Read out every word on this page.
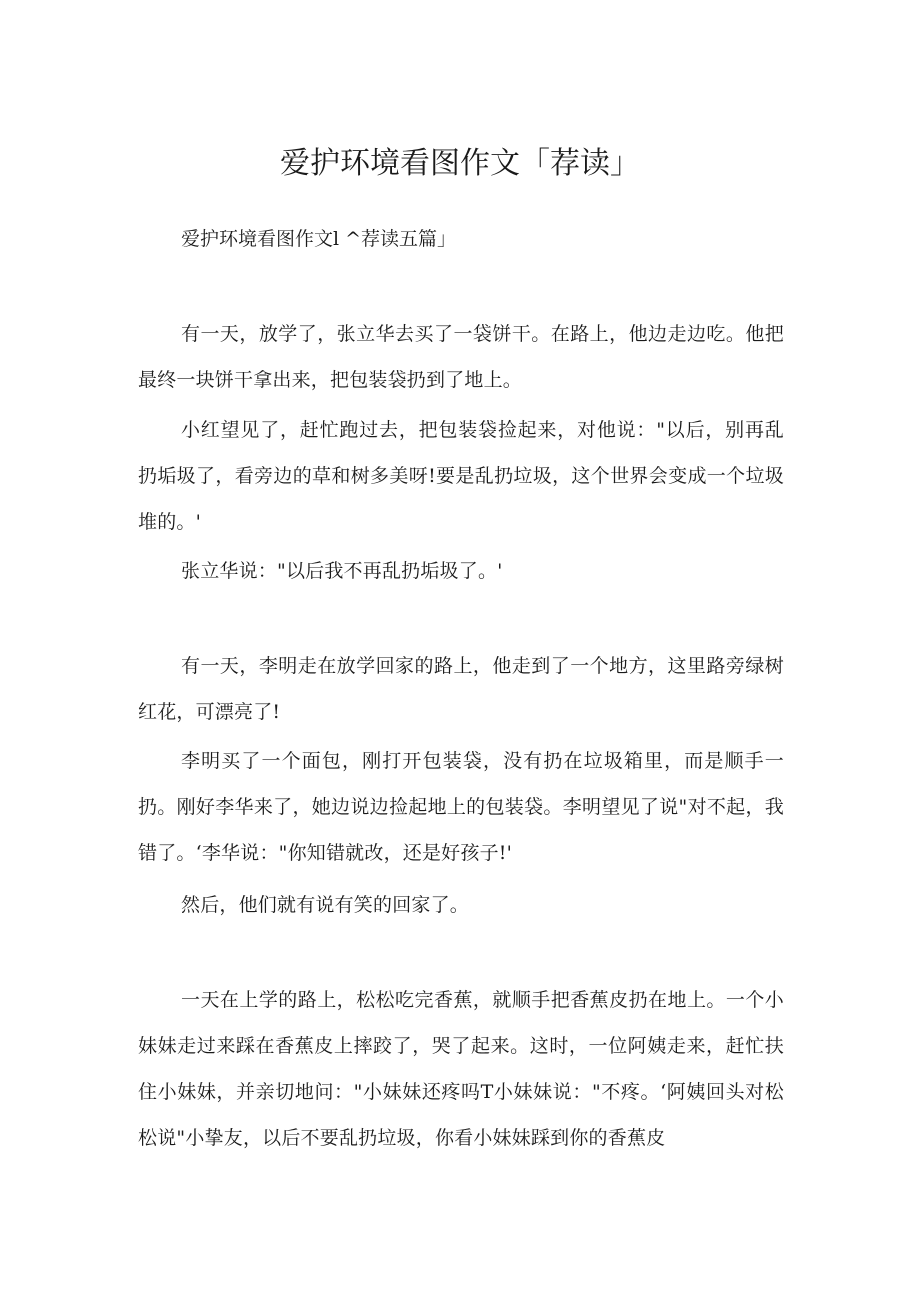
爱护环境看图作文「荐读」

爱护环境看图作文l ^荐读五篇」

有一天，放学了，张立华去买了一袋饼干。在路上，他边走边吃。他把最终一块饼干拿出来，把包装袋扔到了地上。

小红望见了，赶忙跑过去，把包装袋捡起来，对他说："以后，别再乱扔垢圾了，看旁边的草和树多美呀!要是乱扔垃圾，这个世界会变成一个垃圾堆的。'

张立华说："以后我不再乱扔垢圾了。'

有一天，李明走在放学回家的路上，他走到了一个地方，这里路旁绿树红花，可漂亮了!

李明买了一个面包，刚打开包装袋，没有扔在垃圾箱里，而是顺手一扔。刚好李华来了，她边说边捡起地上的包装袋。李明望见了说"对不起，我错了。‘李华说："你知错就改，还是好孩子!'

然后，他们就有说有笑的回家了。

一天在上学的路上，松松吃完香蕉，就顺手把香蕉皮扔在地上。一个小妹妹走过来踩在香蕉皮上摔跤了，哭了起来。这时，一位阿姨走来，赶忙扶住小妹妹，并亲切地问："小妹妹还疼吗T小妹妹说："不疼。‘阿姨回头对松松说"小挚友，以后不要乱扔垃圾，你看小妹妹踩到你的香蕉皮
